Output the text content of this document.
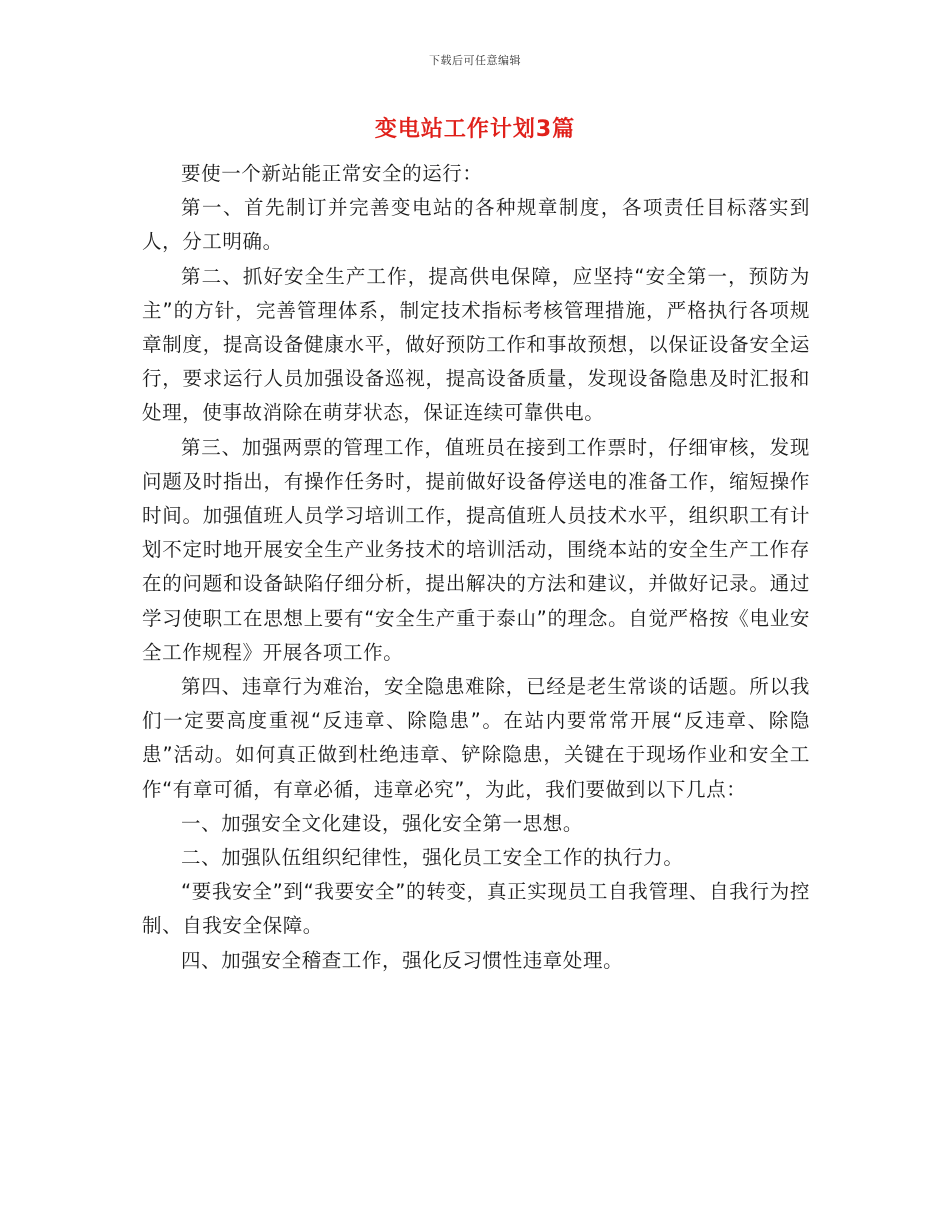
下载后可任意编辑
变电站工作计划3篇

要使一个新站能正常安全的运行：

第一、首先制订并完善变电站的各种规章制度，各项责任目标落实到人，分工明确。

第二、抓好安全生产工作，提高供电保障，应坚持“安全第一，预防为主”的方针，完善管理体系，制定技术指标考核管理措施，严格执行各项规章制度，提高设备健康水平，做好预防工作和事故预想，以保证设备安全运行，要求运行人员加强设备巡视，提高设备质量，发现设备隐患及时汇报和处理，使事故消除在萌芽状态，保证连续可靠供电。

第三、加强两票的管理工作，值班员在接到工作票时，仔细审核，发现问题及时指出，有操作任务时，提前做好设备停送电的准备工作，缩短操作时间。加强值班人员学习培训工作，提高值班人员技术水平，组织职工有计划不定时地开展安全生产业务技术的培训活动，围绕本站的安全生产工作存在的问题和设备缺陷仔细分析，提出解决的方法和建议，并做好记录。通过学习使职工在思想上要有“安全生产重于泰山”的理念。自觉严格按《电业安全工作规程》开展各项工作。

第四、违章行为难治，安全隐患难除，已经是老生常谈的话题。所以我们一定要高度重视“反违章、除隐患”。在站内要常常开展“反违章、除隐患”活动。如何真正做到杜绝违章、铲除隐患，关键在于现场作业和安全工作“有章可循，有章必循，违章必究”，为此，我们要做到以下几点：

一、加强安全文化建设，强化安全第一思想。

二、加强队伍组织纪律性，强化员工安全工作的执行力。

“要我安全”到“我要安全”的转变，真正实现员工自我管理、自我行为控制、自我安全保障。

四、加强安全稽查工作，强化反习惯性违章处理。
